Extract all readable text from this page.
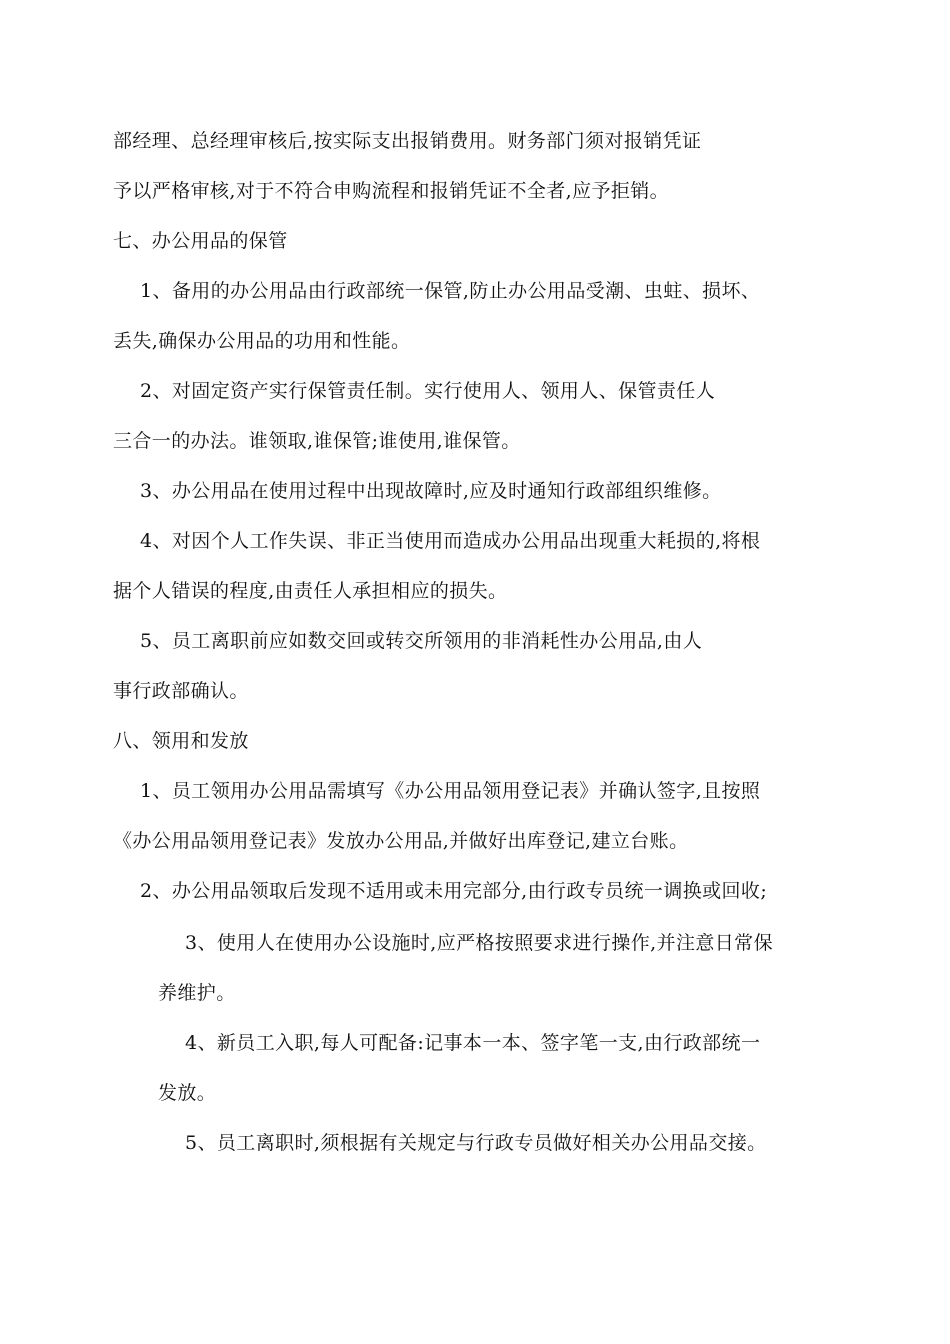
部经理、总经理审核后,按实际支出报销费用。财务部门须对报销凭证
予以严格审核,对于不符合申购流程和报销凭证不全者,应予拒销。
七、办公用品的保管
1、备用的办公用品由行政部统一保管,防止办公用品受潮、虫蛀、损坏、
丢失,确保办公用品的功用和性能。
2、对固定资产实行保管责任制。实行使用人、领用人、保管责任人
三合一的办法。谁领取,谁保管;谁使用,谁保管。
3、办公用品在使用过程中出现故障时,应及时通知行政部组织维修。
4、对因个人工作失误、非正当使用而造成办公用品出现重大耗损的,将根
据个人错误的程度,由责任人承担相应的损失。
5、员工离职前应如数交回或转交所领用的非消耗性办公用品,由人
事行政部确认。
八、领用和发放
1、员工领用办公用品需填写《办公用品领用登记表》并确认签字,且按照
《办公用品领用登记表》发放办公用品,并做好出库登记,建立台账。
2、办公用品领取后发现不适用或未用完部分,由行政专员统一调换或回收;
3、使用人在使用办公设施时,应严格按照要求进行操作,并注意日常保
养维护。
4、新员工入职,每人可配备:记事本一本、签字笔一支,由行政部统一
发放。
5、员工离职时,须根据有关规定与行政专员做好相关办公用品交接。
